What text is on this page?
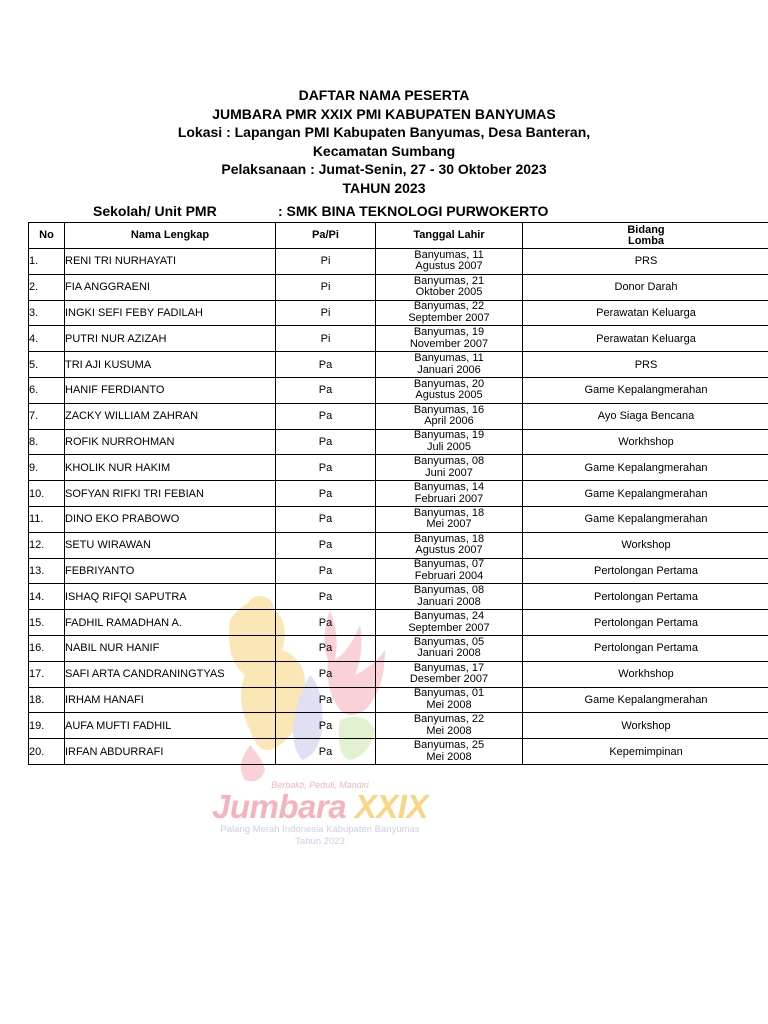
DAFTAR NAMA PESERTA
JUMBARA PMR XXIX PMI KABUPATEN BANYUMAS
Lokasi : Lapangan PMI Kabupaten Banyumas, Desa Banteran,
Kecamatan Sumbang
Pelaksanaan : Jumat-Senin, 27 - 30 Oktober 2023
TAHUN 2023
Sekolah/ Unit PMR	: SMK BINA TEKNOLOGI PURWOKERTO
Berbakti, Peduli, Mandiri
Jumbara XXIX
Palang Merah Indonesia Kabupaten Banyumas
Tahun 2023
No	Nama Lengkap	Pa/Pi	Tanggal Lahir	Bidang
Lomba

1.	RENI TRI NURHAYATI	Pi	Banyumas, 11
Agustus 2007	PRS
2.	FIA ANGGRAENI	Pi	Banyumas, 21
Oktober 2005	Donor Darah
3.	INGKI SEFI FEBY FADILAH	Pi	Banyumas, 22
September 2007	Perawatan Keluarga
4.	PUTRI NUR AZIZAH	Pi	Banyumas, 19
November 2007	Perawatan Keluarga
5.	TRI AJI KUSUMA	Pa	Banyumas, 11
Januari 2006	PRS
6.	HANIF FERDIANTO	Pa	Banyumas, 20
Agustus 2005	Game Kepalangmerahan
7.	ZACKY WILLIAM ZAHRAN	Pa	Banyumas, 16
April 2006	Ayo Siaga Bencana
8.	ROFIK NURROHMAN	Pa	Banyumas, 19
Juli 2005	Workhshop
9.	KHOLIK NUR HAKIM	Pa	Banyumas, 08
Juni 2007	Game Kepalangmerahan
10.	SOFYAN RIFKI TRI FEBIAN	Pa	Banyumas, 14
Februari 2007	Game Kepalangmerahan
11.	DINO EKO PRABOWO	Pa	Banyumas, 18
Mei 2007	Game Kepalangmerahan
12.	SETU WIRAWAN	Pa	Banyumas, 18
Agustus 2007	Workshop
13.	FEBRIYANTO	Pa	Banyumas, 07
Februari 2004	Pertolongan Pertama
14.	ISHAQ RIFQI SAPUTRA	Pa	Banyumas, 08
Januari 2008	Pertolongan Pertama
15.	FADHIL RAMADHAN A.	Pa	Banyumas, 24
September 2007	Pertolongan Pertama
16.	NABIL NUR HANIF	Pa	Banyumas, 05
Januari 2008	Pertolongan Pertama
17.	SAFI ARTA CANDRANINGTYAS	Pa	Banyumas, 17
Desember 2007	Workhshop
18.	IRHAM HANAFI	Pa	Banyumas, 01
Mei 2008	Game Kepalangmerahan
19.	AUFA MUFTI FADHIL	Pa	Banyumas, 22
Mei 2008	Workshop
20.	IRFAN ABDURRAFI	Pa	Banyumas, 25
Mei 2008	Kepemimpinan
